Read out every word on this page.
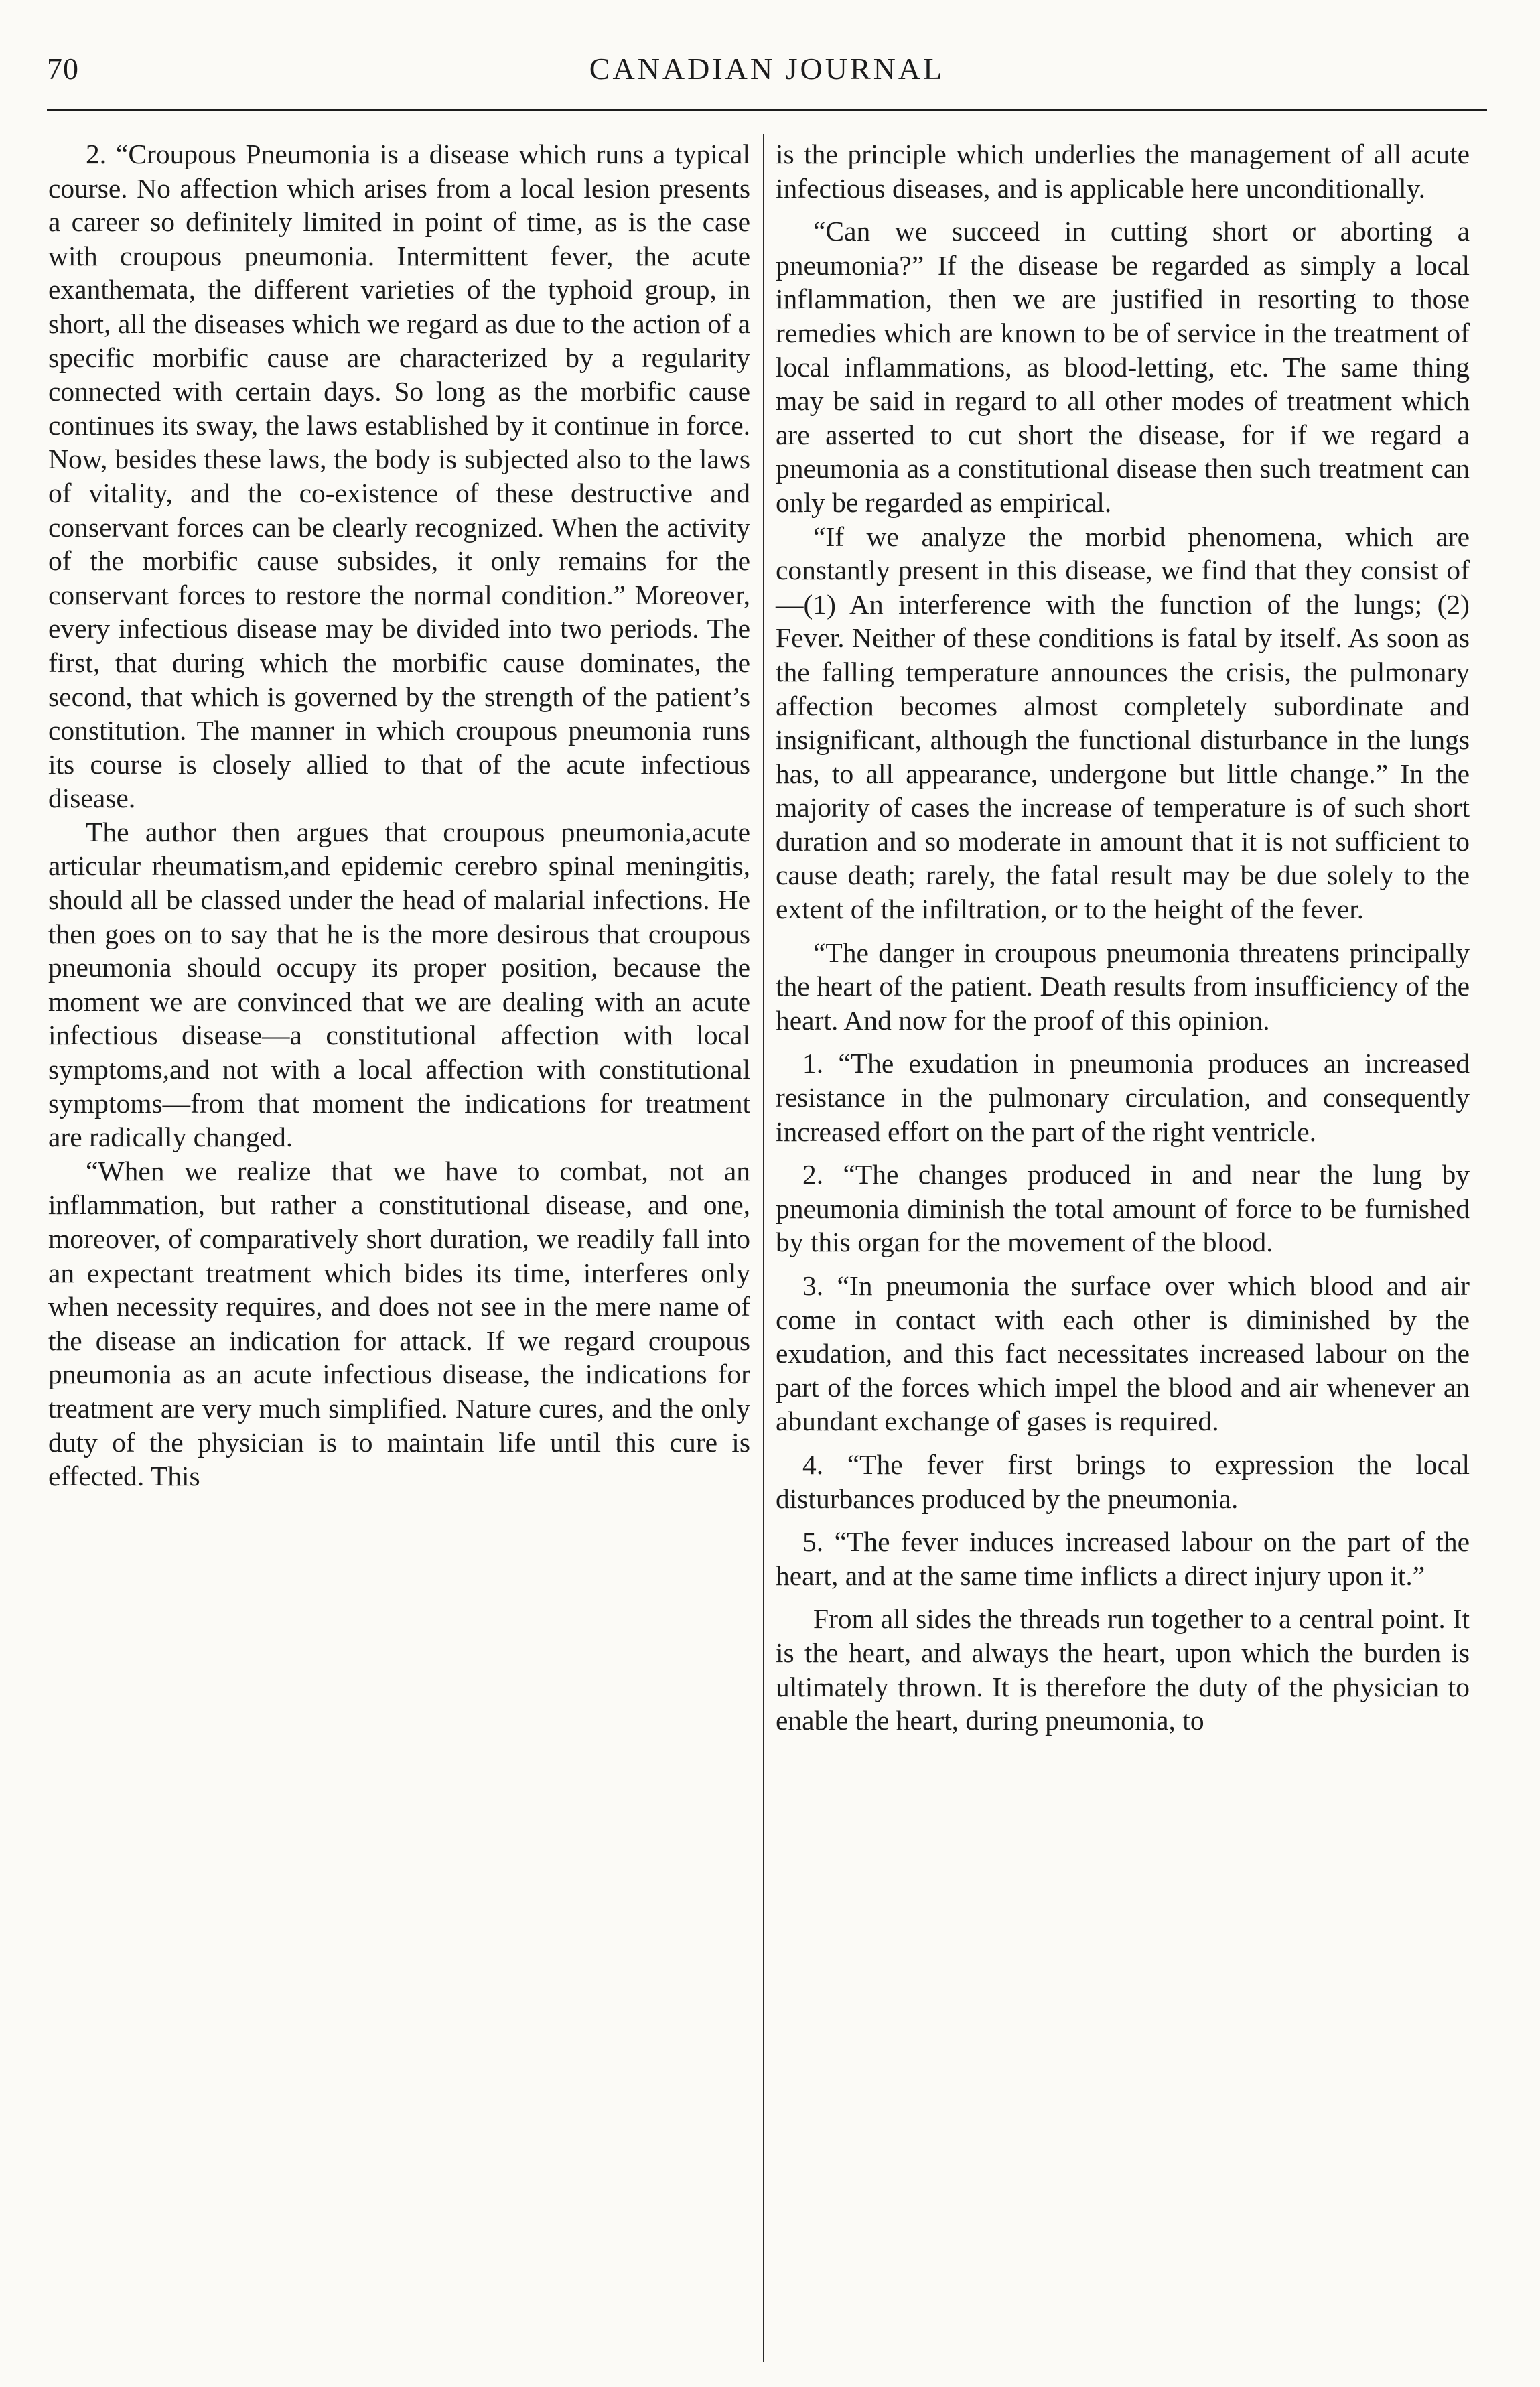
70	CANADIAN JOURNAL

2. “Croupous Pneumonia is a disease which runs a typical course. No affection which arises from a local lesion presents a career so definitely limited in point of time, as is the case with croupous pneumonia. Intermittent fever, the acute exanthemata, the different varieties of the typhoid group, in short, all the diseases which we regard as due to the action of a specific morbific cause are characterized by a regularity connected with certain days. So long as the morbific cause continues its sway, the laws established by it continue in force. Now, besides these laws, the body is subjected also to the laws of vitality, and the co-existence of these destructive and conservant forces can be clearly recognized. When the activity of the morbific cause subsides, it only remains for the conservant forces to restore the normal condition.” Moreover, every infectious disease may be divided into two periods. The first, that during which the morbific cause dominates, the second, that which is governed by the strength of the patient’s constitution. The manner in which croupous pneumonia runs its course is closely allied to that of the acute infectious disease.

The author then argues that croupous pneumonia,acute articular rheumatism,and epidemic cerebro spinal meningitis, should all be classed under the head of malarial infections. He then goes on to say that he is the more desirous that croupous pneumonia should occupy its proper position, because the moment we are convinced that we are dealing with an acute infectious disease—a constitutional affection with local symptoms,and not with a local affection with constitutional symptoms—from that moment the indications for treatment are radically changed.

“When we realize that we have to combat, not an inflammation, but rather a constitutional disease, and one, moreover, of comparatively short duration, we readily fall into an expectant treatment which bides its time, interferes only when necessity requires, and does not see in the mere name of the disease an indication for attack. If we regard croupous pneumonia as an acute infectious disease, the indications for treatment are very much simplified. Nature cures, and the only duty of the physician is to maintain life until this cure is effected. This

is the principle which underlies the management of all acute infectious diseases, and is applicable here unconditionally.

“Can we succeed in cutting short or aborting a pneumonia?” If the disease be regarded as simply a local inflammation, then we are justified in resorting to those remedies which are known to be of service in the treatment of local inflammations, as blood-letting, etc. The same thing may be said in regard to all other modes of treatment which are asserted to cut short the disease, for if we regard a pneumonia as a constitutional disease then such treatment can only be regarded as empirical.

“If we analyze the morbid phenomena, which are constantly present in this disease, we find that they consist of—(1) An interference with the function of the lungs; (2) Fever. Neither of these conditions is fatal by itself. As soon as the falling temperature announces the crisis, the pulmonary affection becomes almost completely subordinate and insignificant, although the functional disturbance in the lungs has, to all appearance, undergone but little change.” In the majority of cases the increase of temperature is of such short duration and so moderate in amount that it is not sufficient to cause death; rarely, the fatal result may be due solely to the extent of the infiltration, or to the height of the fever.

“The danger in croupous pneumonia threatens principally the heart of the patient. Death results from insufficiency of the heart. And now for the proof of this opinion.

1. “The exudation in pneumonia produces an increased resistance in the pulmonary circulation, and consequently increased effort on the part of the right ventricle.

2. “The changes produced in and near the lung by pneumonia diminish the total amount of force to be furnished by this organ for the movement of the blood.

3. “In pneumonia the surface over which blood and air come in contact with each other is diminished by the exudation, and this fact necessitates increased labour on the part of the forces which impel the blood and air whenever an abundant exchange of gases is required.

4. “The fever first brings to expression the local disturbances produced by the pneumonia.

5. “The fever induces increased labour on the part of the heart, and at the same time inflicts a direct injury upon it.”

From all sides the threads run together to a central point. It is the heart, and always the heart, upon which the burden is ultimately thrown. It is therefore the duty of the physician to enable the heart, during pneumonia, to
